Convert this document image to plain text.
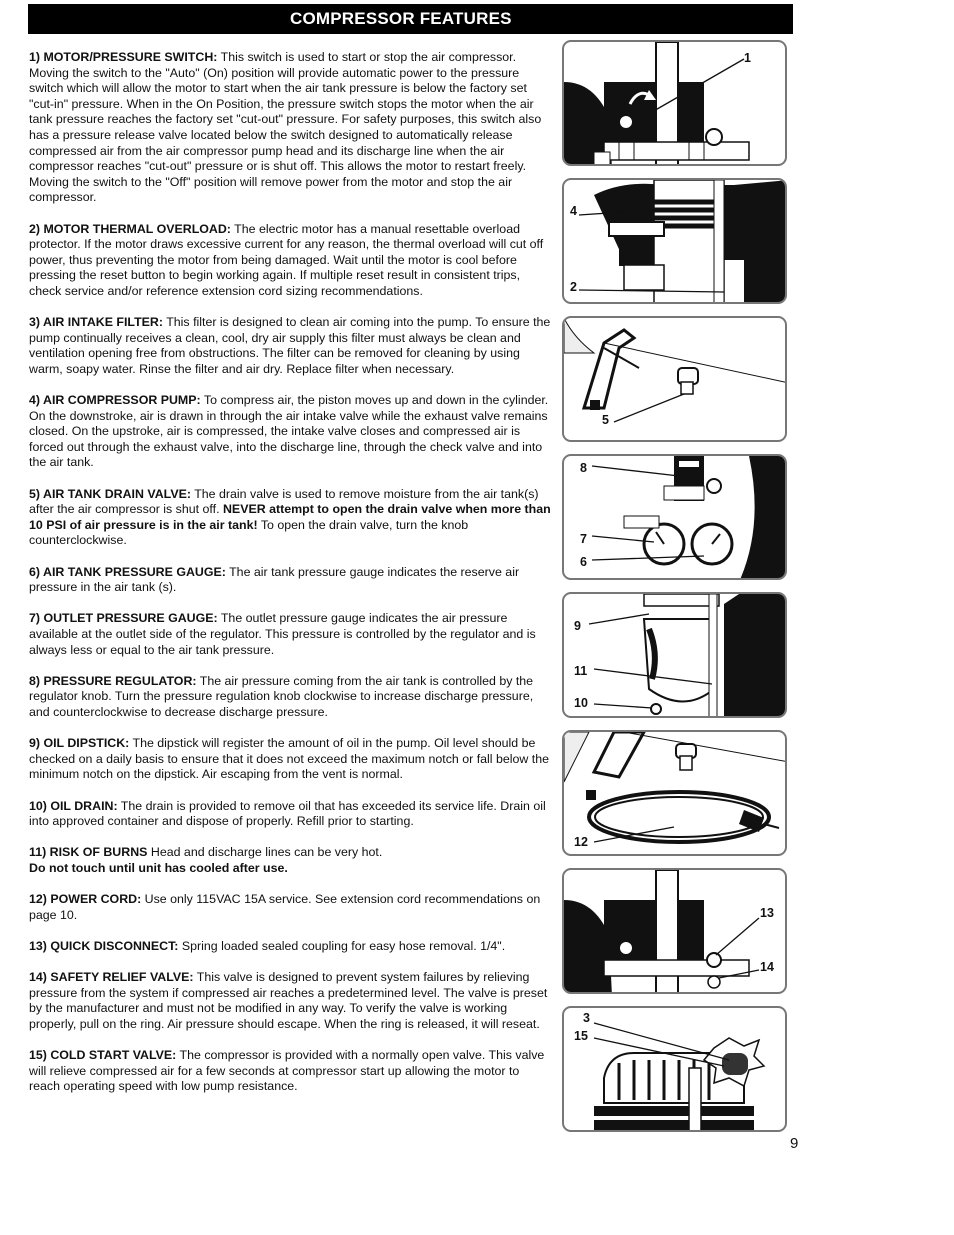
COMPRESSOR FEATURES

1) MOTOR/PRESSURE SWITCH: This switch is used to start or stop the air compressor. Moving the switch to the "Auto" (On) position will provide automatic power to the pressure switch which will allow the motor to start when the air tank pressure is below the factory set "cut-in" pressure. When in the On Position, the pressure switch stops the motor when the air tank pressure reaches the factory set "cut-out" pressure. For safety purposes, this switch also has a pressure release valve located below the switch designed to automatically release compressed air from the air compressor pump head and its discharge line when the air compressor reaches "cut-out" pressure or is shut off. This allows the motor to restart freely. Moving the switch to the "Off" position will remove power from the motor and stop the air compressor.

2) MOTOR THERMAL OVERLOAD: The electric motor has a manual resettable overload protector. If the motor draws excessive current for any reason, the thermal overload will cut off power, thus preventing the motor from being damaged. Wait until the motor is cool before pressing the reset button to begin working again. If multiple reset result in consistent trips, check service and/or reference extension cord sizing recommendations.

3) AIR INTAKE FILTER: This filter is designed to clean air coming into the pump. To ensure the pump continually receives a clean, cool, dry air supply this filter must always be clean and ventilation opening free from obstructions. The filter can be removed for cleaning by using warm, soapy water. Rinse the filter and air dry. Replace filter when necessary.

4) AIR COMPRESSOR PUMP: To compress air, the piston moves up and down in the cylinder. On the downstroke, air is drawn in through the air intake valve while the exhaust valve remains closed. On the upstroke, air is compressed, the intake valve closes and compressed air is forced out through the exhaust valve, into the discharge line, through the check valve and into the air tank.

5) AIR TANK DRAIN VALVE: The drain valve is used to remove moisture from the air tank(s) after the air compressor is shut off. NEVER attempt to open the drain valve when more than 10 PSI of air pressure is in the air tank! To open the drain valve, turn the knob counterclockwise.

6) AIR TANK PRESSURE GAUGE: The air tank pressure gauge indicates the reserve air pressure in the air tank (s).

7) OUTLET PRESSURE GAUGE: The outlet pressure gauge indicates the air pressure available at the outlet side of the regulator. This pressure is controlled by the regulator and is always less or equal to the air tank pressure.

8) PRESSURE REGULATOR: The air pressure coming from the air tank is controlled by the regulator knob. Turn the pressure regulation knob clockwise to increase discharge pressure, and counterclockwise to decrease discharge pressure.

9) OIL DIPSTICK: The dipstick will register the amount of oil in the pump. Oil level should be checked on a daily basis to ensure that it does not exceed the maximum notch or fall below the minimum notch on the dipstick. Air escaping from the vent is normal.

10) OIL DRAIN: The drain is provided to remove oil that has exceeded its service life. Drain oil into approved container and dispose of properly. Refill prior to starting.

11) RISK OF BURNS Head and discharge lines can be very hot.
Do not touch until unit has cooled after use.

12) POWER CORD: Use only 115VAC 15A service. See extension cord recommendations on page 10.

13) QUICK DISCONNECT: Spring loaded sealed coupling for easy hose removal. 1/4".

14) SAFETY RELIEF VALVE: This valve is designed to prevent system failures by relieving pressure from the system if compressed air reaches a predetermined level. The valve is preset by the manufacturer and must not be modified in any way. To verify the valve is working properly, pull on the ring. Air pressure should escape. When the ring is released, it will reseat.

15) COLD START VALVE: The compressor is provided with a normally open valve. This valve will relieve compressed air for a few seconds at compressor start up allowing the motor to reach operating speed with low pump resistance.

1
4
2
5
8
7
6
9
11
10
12
13
14
3
15
9
